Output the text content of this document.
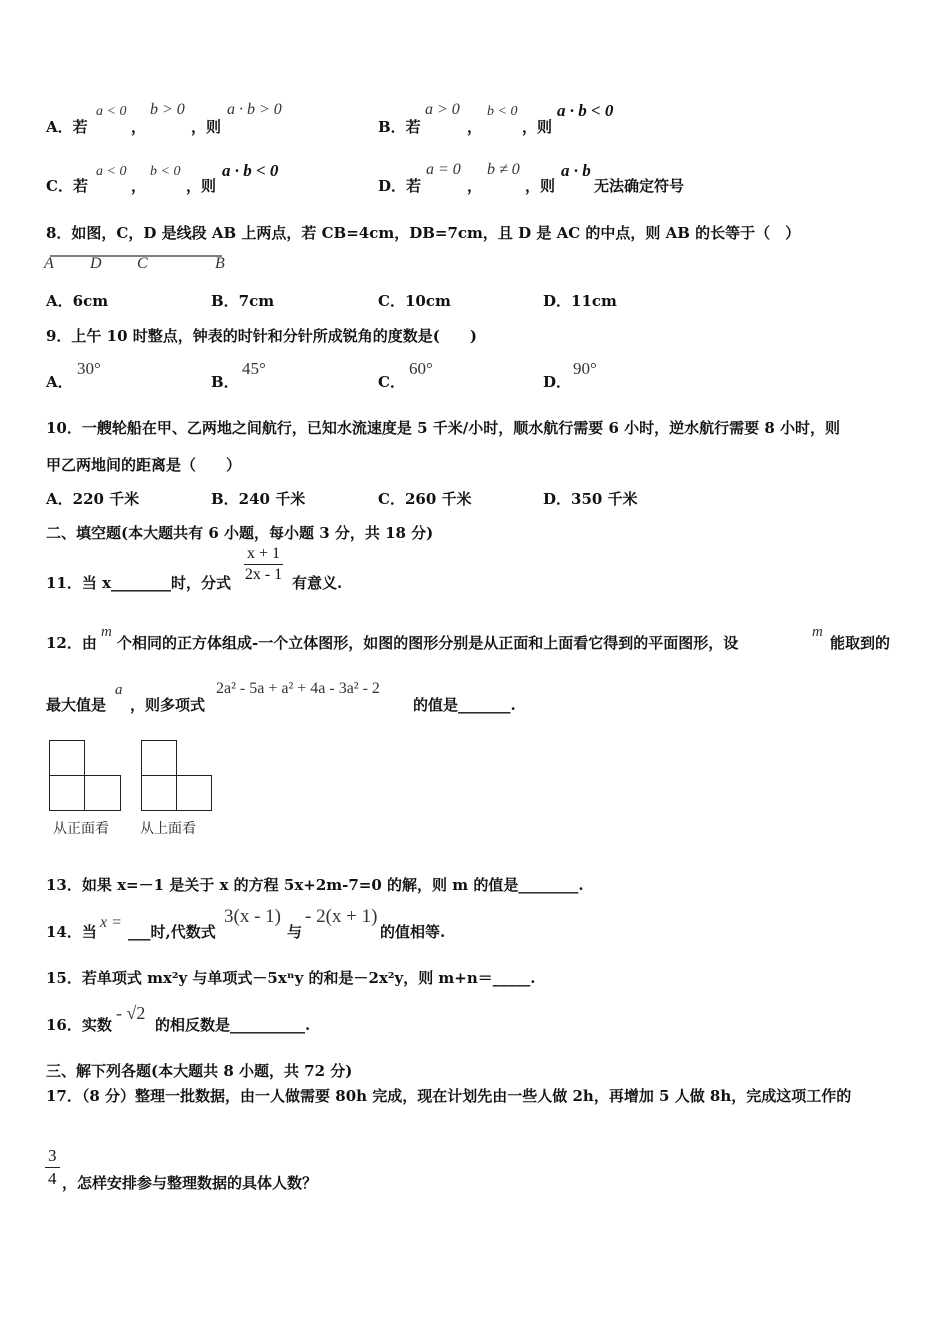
A．若
a < 0
，
b > 0
，则
a · b > 0
B．若
a > 0
，
b < 0
，则
a · b < 0
C．若
a < 0
，
b < 0
，则
a · b < 0
D．若
a = 0
，
b ≠ 0
，则
a · b
无法确定符号
8．如图，C，D 是线段 AB 上两点，若 CB=4cm，DB=7cm，且 D 是 AC 的中点，则 AB 的长等于（　）
A D C	B
A．6cm	B．7cm	C．10cm	D．11cm
9．上午 10 时整点，钟表的时针和分针所成锐角的度数是(　　)
A．
30°
B．
45°
C．
60°
D．
90°
10．一艘轮船在甲、乙两地之间航行，已知水流速度是 5 千米/小时，顺水航行需要 6 小时，逆水航行需要 8 小时，则
甲乙两地间的距离是（　　）
A．220 千米	B．240 千米	C．260 千米	D．350 千米
二、填空题(本大题共有 6 小题，每小题 3 分，共 18 分)
11．当 x________时，分式 $\frac{x + 1}{2x - 1}$ 有意义.
12．由
m
个相同的正方体组成-一个立体图形，如图的图形分别是从正面和上面看它得到的平面图形，设
m
能取到的
最大值是
a
，则多项式
2a² - 5a + a² + 4a - 3a² - 2
的值是_______.
从正面看 从上面看
13．如果 x=－1 是关于 x 的方程 5x+2m-7=0 的解，则 m 的值是________.
14．当
x =
___时,代数式
3(x - 1)
与
- 2(x + 1)
的值相等.
15．若单项式 mx²y 与单项式－5xⁿy 的和是－2x²y，则 m+n＝_____.
16．实数
- √2
的相反数是__________.
三、解下列各题(本大题共 8 小题，共 72 分)
17．（8 分）整理一批数据，由一人做需要 80h 完成，现在计划先由一些人做 2h，再增加 5 人做 8h，完成这项工作的
$\frac{3}{4}$ ，怎样安排参与整理数据的具体人数？
